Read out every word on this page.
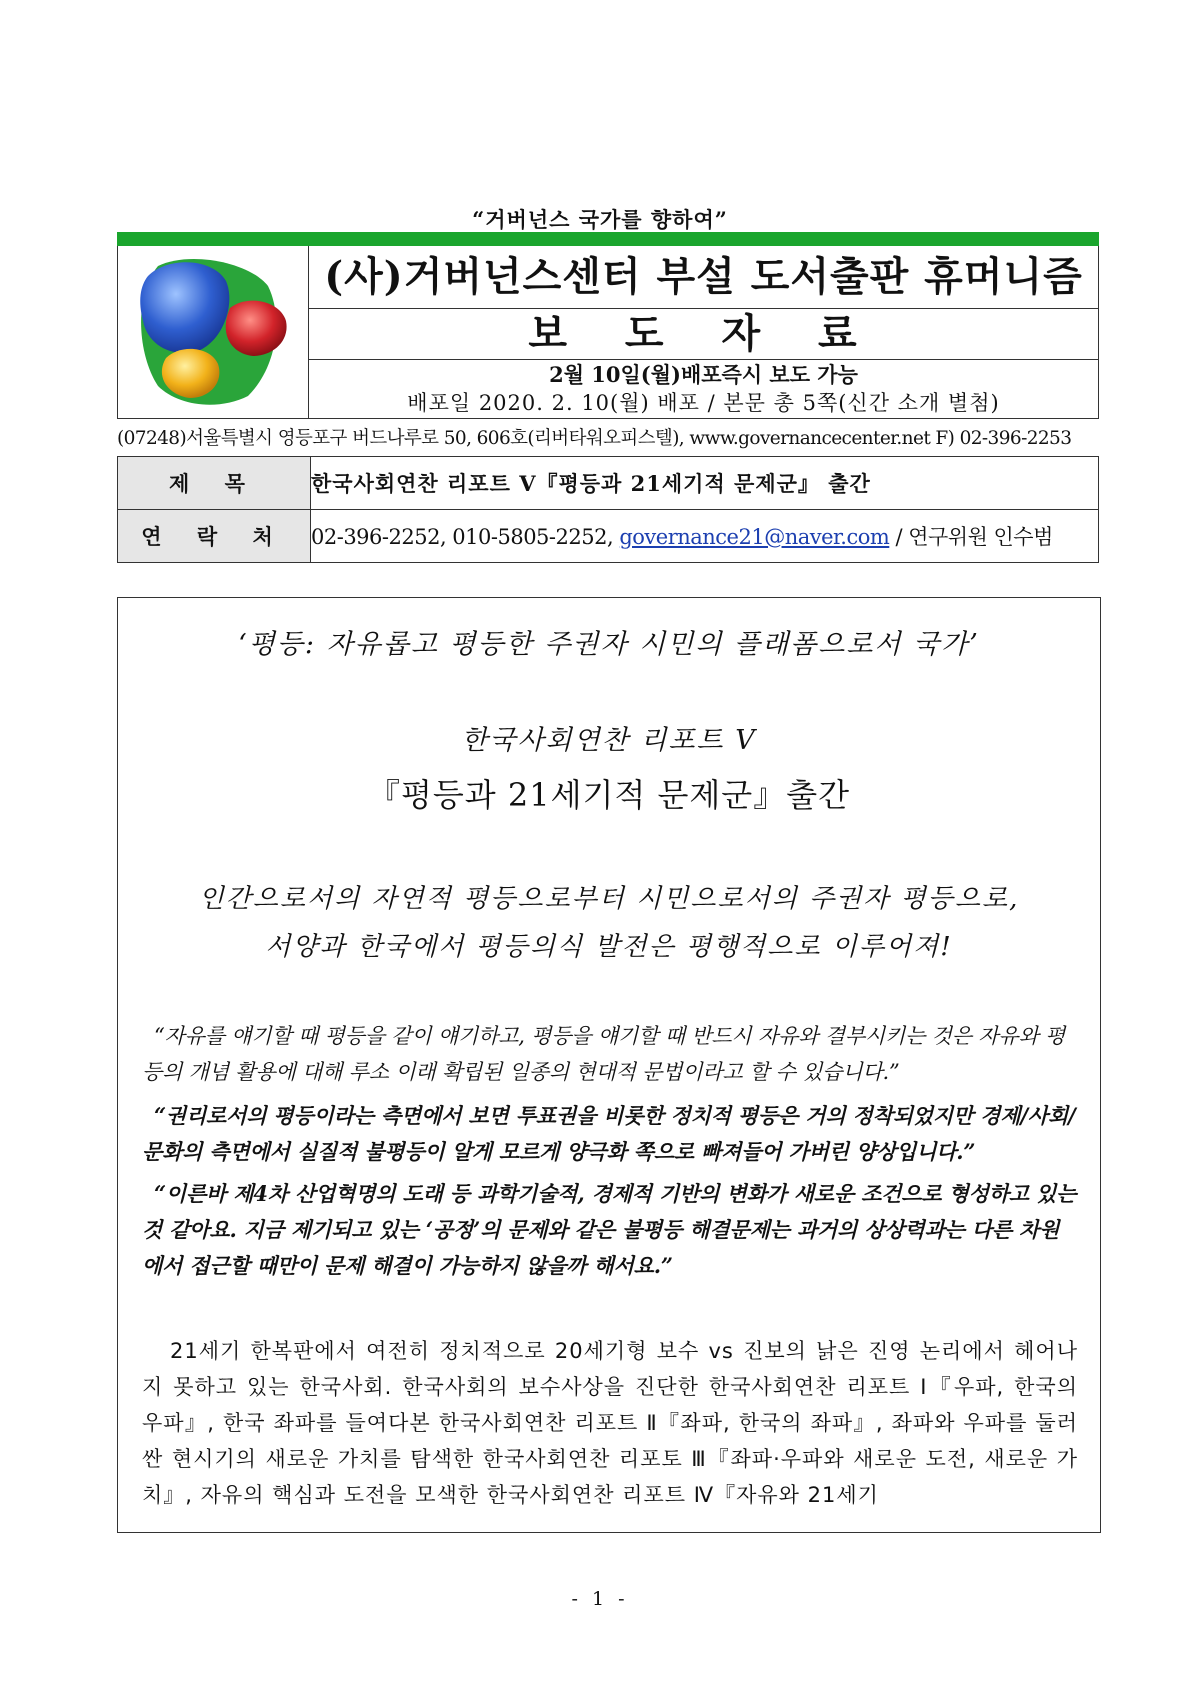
“거버넌스 국가를 향하여”
(사)거버넌스센터 부설 도서출판 휴머니즘
보 도 자 료
2월 10일(월)배포즉시 보도 가능
배포일 2020. 2. 10(월) 배포 / 본문 총 5쪽(신간 소개 별첨)
(07248)서울특별시 영등포구 버드나루로 50, 606호(리버타워오피스텔), www.governancecenter.net F) 02-396-2253
제 목	한국사회연찬 리포트 V『평등과 21세기적 문제군』 출간
연 락 처	02-396-2252, 010-5805-2252, governance21@naver.com / 연구위원 인수범
‘평등: 자유롭고 평등한 주권자 시민의 플래폼으로서 국가’
한국사회연찬 리포트 Ⅴ
『평등과 21세기적 문제군』출간
인간으로서의 자연적 평등으로부터 시민으로서의 주권자 평등으로,
서양과 한국에서 평등의식 발전은 평행적으로 이루어져!
“자유를 얘기할 때 평등을 같이 얘기하고, 평등을 얘기할 때 반드시 자유와 결부시키는 것은 자유와 평등의 개념 활용에 대해 루소 이래 확립된 일종의 현대적 문법이라고 할 수 있습니다.”
“권리로서의 평등이라는 측면에서 보면 투표권을 비롯한 정치적 평등은 거의 정착되었지만 경제/사회/문화의 측면에서 실질적 불평등이 알게 모르게 양극화 쪽으로 빠져들어 가버린 양상입니다.”
“이른바 제4차 산업혁명의 도래 등 과학기술적, 경제적 기반의 변화가 새로운 조건으로 형성하고 있는 것 같아요. 지금 제기되고 있는 ‘공정’의 문제와 같은 불평등 해결문제는 과거의 상상력과는 다른 차원에서 접근할 때만이 문제 해결이 가능하지 않을까 해서요.”
21세기 한복판에서 여전히 정치적으로 20세기형 보수 vs 진보의 낡은 진영 논리에서 헤어나지 못하고 있는 한국사회. 한국사회의 보수사상을 진단한 한국사회연찬 리포트 Ⅰ『우파, 한국의 우파』, 한국 좌파를 들여다본 한국사회연찬 리포트 Ⅱ『좌파, 한국의 좌파』, 좌파와 우파를 둘러싼 현시기의 새로운 가치를 탐색한 한국사회연찬 리포토 Ⅲ『좌파·우파와 새로운 도전, 새로운 가치』, 자유의 핵심과 도전을 모색한 한국사회연찬 리포트 Ⅳ『자유와 21세기
- 1 -
